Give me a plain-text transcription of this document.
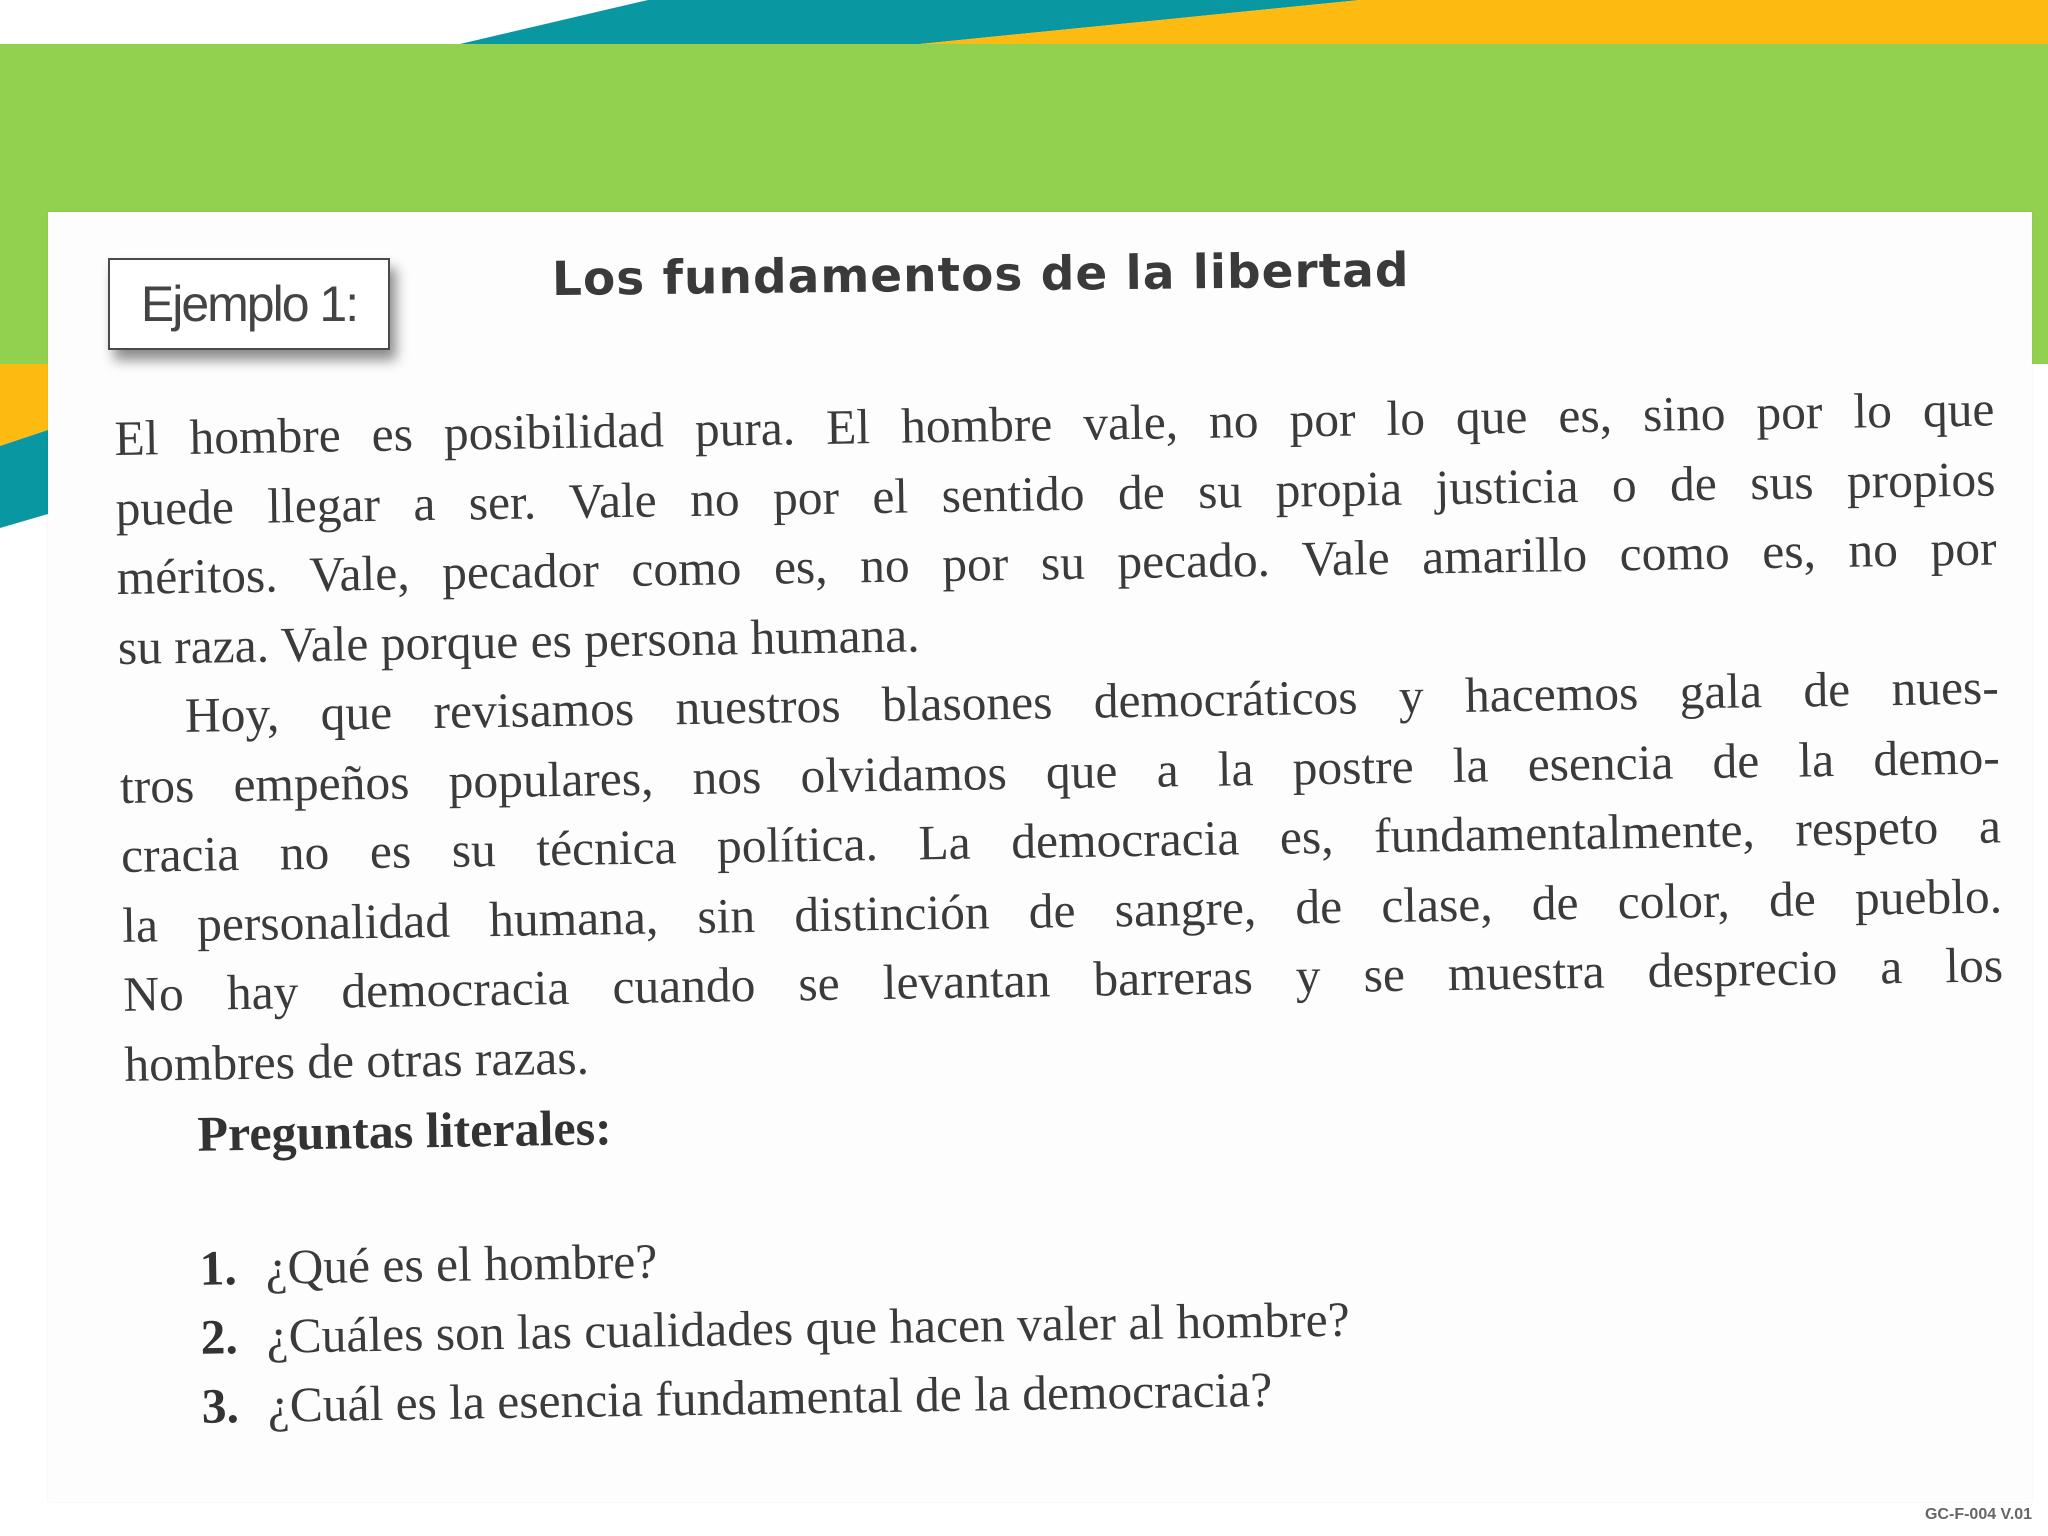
Ejemplo 1:	Los fundamentos de la libertad
El hombre es posibilidad pura. El hombre vale, no por lo que es, sino por lo que
puede llegar a ser. Vale no por el sentido de su propia justicia o de sus propios
méritos. Vale, pecador como es, no por su pecado. Vale amarillo como es, no por
su raza. Vale porque es persona humana.
Hoy, que revisamos nuestros blasones democráticos y hacemos gala de nues-
tros empeños populares, nos olvidamos que a la postre la esencia de la demo-
cracia no es su técnica política. La democracia es, fundamentalmente, respeto a
la personalidad humana, sin distinción de sangre, de clase, de color, de pueblo.
No hay democracia cuando se levantan barreras y se muestra desprecio a los
hombres de otras razas.
Preguntas literales:
1. ¿Qué es el hombre?
2. ¿Cuáles son las cualidades que hacen valer al hombre?
3. ¿Cuál es la esencia fundamental de la democracia?
GC-F-004 V.01
